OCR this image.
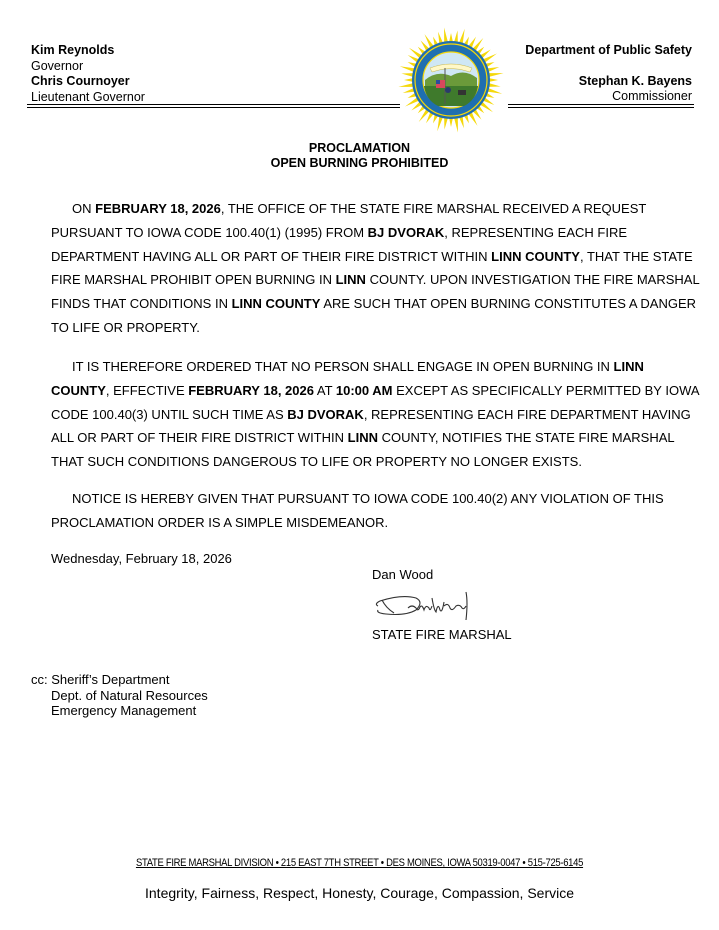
Kim Reynolds
Governor
Chris Cournoyer
Lieutenant Governor
Department of Public Safety
Stephan K. Bayens
Commissioner
PROCLAMATION
OPEN BURNING PROHIBITED

ON FEBRUARY 18, 2026, THE OFFICE OF THE STATE FIRE MARSHAL RECEIVED A REQUEST PURSUANT TO IOWA CODE 100.40(1) (1995) FROM BJ DVORAK, REPRESENTING EACH FIRE DEPARTMENT HAVING ALL OR PART OF THEIR FIRE DISTRICT WITHIN LINN COUNTY, THAT THE STATE FIRE MARSHAL PROHIBIT OPEN BURNING IN LINN COUNTY. UPON INVESTIGATION THE FIRE MARSHAL FINDS THAT CONDITIONS IN LINN COUNTY ARE SUCH THAT OPEN BURNING CONSTITUTES A DANGER TO LIFE OR PROPERTY.

IT IS THEREFORE ORDERED THAT NO PERSON SHALL ENGAGE IN OPEN BURNING IN LINN COUNTY, EFFECTIVE FEBRUARY 18, 2026 AT 10:00 AM EXCEPT AS SPECIFICALLY PERMITTED BY IOWA CODE 100.40(3) UNTIL SUCH TIME AS BJ DVORAK, REPRESENTING EACH FIRE DEPARTMENT HAVING ALL OR PART OF THEIR FIRE DISTRICT WITHIN LINN COUNTY, NOTIFIES THE STATE FIRE MARSHAL THAT SUCH CONDITIONS DANGEROUS TO LIFE OR PROPERTY NO LONGER EXISTS.

NOTICE IS HEREBY GIVEN THAT PURSUANT TO IOWA CODE 100.40(2) ANY VIOLATION OF THIS PROCLAMATION ORDER IS A SIMPLE MISDEMEANOR.

Wednesday, February 18, 2026
Dan Wood
STATE FIRE MARSHAL
cc: Sheriff’s Department
Dept. of Natural Resources
Emergency Management
STATE FIRE MARSHAL DIVISION • 215 EAST 7TH STREET • DES MOINES, IOWA 50319-0047 • 515-725-6145
Integrity, Fairness, Respect, Honesty, Courage, Compassion, Service
